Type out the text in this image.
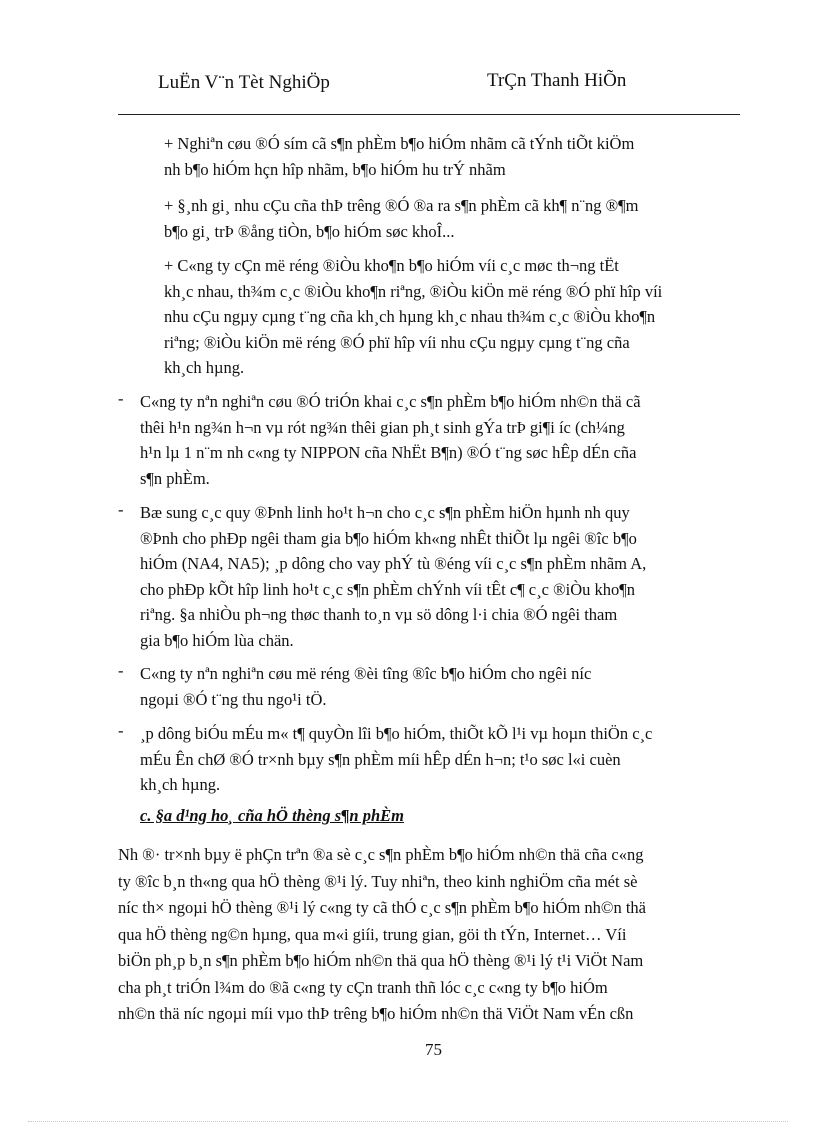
LuËn V¨n Tèt NghiÖp	TrÇn Thanh HiÕn
+ Nghiªn cøu ®Ó sím cã s¶n phÈm b¶o hiÓm nhãm cã tÝnh tiÕt kiÖm
nh b¶o hiÓm hçn hîp nhãm, b¶o hiÓm hu trÝ nhãm
+ §¸nh gi¸ nhu cÇu cña thÞ trêng ®Ó ®a ra s¶n phÈm cã kh¶ n¨ng ®¶m
b¶o gi¸ trÞ ®ång tiÒn, b¶o hiÓm søc khoÎ...
+ C«ng ty cÇn më réng ®iÒu kho¶n b¶o hiÓm víi c¸c møc th¬ng tËt
kh¸c nhau, th¾m c¸c ®iÒu kho¶n riªng, ®iÒu kiÖn më réng ®Ó phï hîp víi
nhu cÇu ngµy cµng t¨ng cña kh¸ch hµng kh¸c nhau th¾m c¸c ®iÒu kho¶n
riªng; ®iÒu kiÖn më réng ®Ó phï hîp víi nhu cÇu ngµy cµng t¨ng cña
kh¸ch hµng.
- C«ng ty nªn nghiªn cøu ®Ó triÓn khai c¸c s¶n phÈm b¶o hiÓm nh©n thä cã
thêi h¹n ng¾n h¬n vµ rót ng¾n thêi gian ph¸t sinh gÝa trÞ gi¶i íc (ch¼ng
h¹n lµ 1 n¨m nh c«ng ty NIPPON cña NhËt B¶n) ®Ó t¨ng søc hÊp dÉn cña
s¶n phÈm.
- Bæ sung c¸c quy ®Þnh linh ho¹t h¬n cho c¸c s¶n phÈm hiÖn hµnh nh quy
®Þnh cho phÐp ngêi tham gia b¶o hiÓm kh«ng nhÊt thiÕt lµ ngêi ®îc b¶o
hiÓm (NA4, NA5); ¸p dông cho vay phÝ tù ®éng víi c¸c s¶n phÈm nhãm A,
cho phÐp kÕt hîp linh ho¹t c¸c s¶n phÈm chÝnh víi tÊt c¶ c¸c ®iÒu kho¶n
riªng. §a nhiÒu ph¬ng thøc thanh to¸n vµ sö dông l·i chia ®Ó ngêi tham
gia b¶o hiÓm lùa chän.
- C«ng ty nªn nghiªn cøu më réng ®èi tîng ®îc b¶o hiÓm cho ngêi níc
ngoµi ®Ó t¨ng thu ngo¹i tÖ.
- ¸p dông biÓu mÉu m« t¶ quyÒn lîi b¶o hiÓm, thiÕt kÕ l¹i vµ hoµn thiÖn c¸c
mÉu Ên chØ ®Ó tr×nh bµy s¶n phÈm míi hÊp dÉn h¬n; t¹o søc l«i cuèn
kh¸ch hµng.
c. §a d¹ng ho¸ cña hÖ thèng s¶n phÈm
Nh ®· tr×nh bµy ë phÇn trªn ®a sè c¸c s¶n phÈm b¶o hiÓm nh©n thä cña c«ng
ty ®îc b¸n th«ng qua hÖ thèng ®¹i lý. Tuy nhiªn, theo kinh nghiÖm cña mét sè
níc th× ngoµi hÖ thèng ®¹i lý c«ng ty cã thÓ c¸c s¶n phÈm b¶o hiÓm nh©n thä
qua hÖ thèng ng©n hµng, qua m«i giíi, trung gian, göi th tÝn, Internet… Víi
biÖn ph¸p b¸n s¶n phÈm b¶o hiÓm nh©n thä qua hÖ thèng ®¹i lý t¹i ViÖt Nam
cha ph¸t triÓn l¾m do ®ã c«ng ty cÇn tranh thñ lóc c¸c c«ng ty b¶o hiÓm
nh©n thä níc ngoµi míi vµo thÞ trêng b¶o hiÓm nh©n thä ViÖt Nam vÉn cßn
75
